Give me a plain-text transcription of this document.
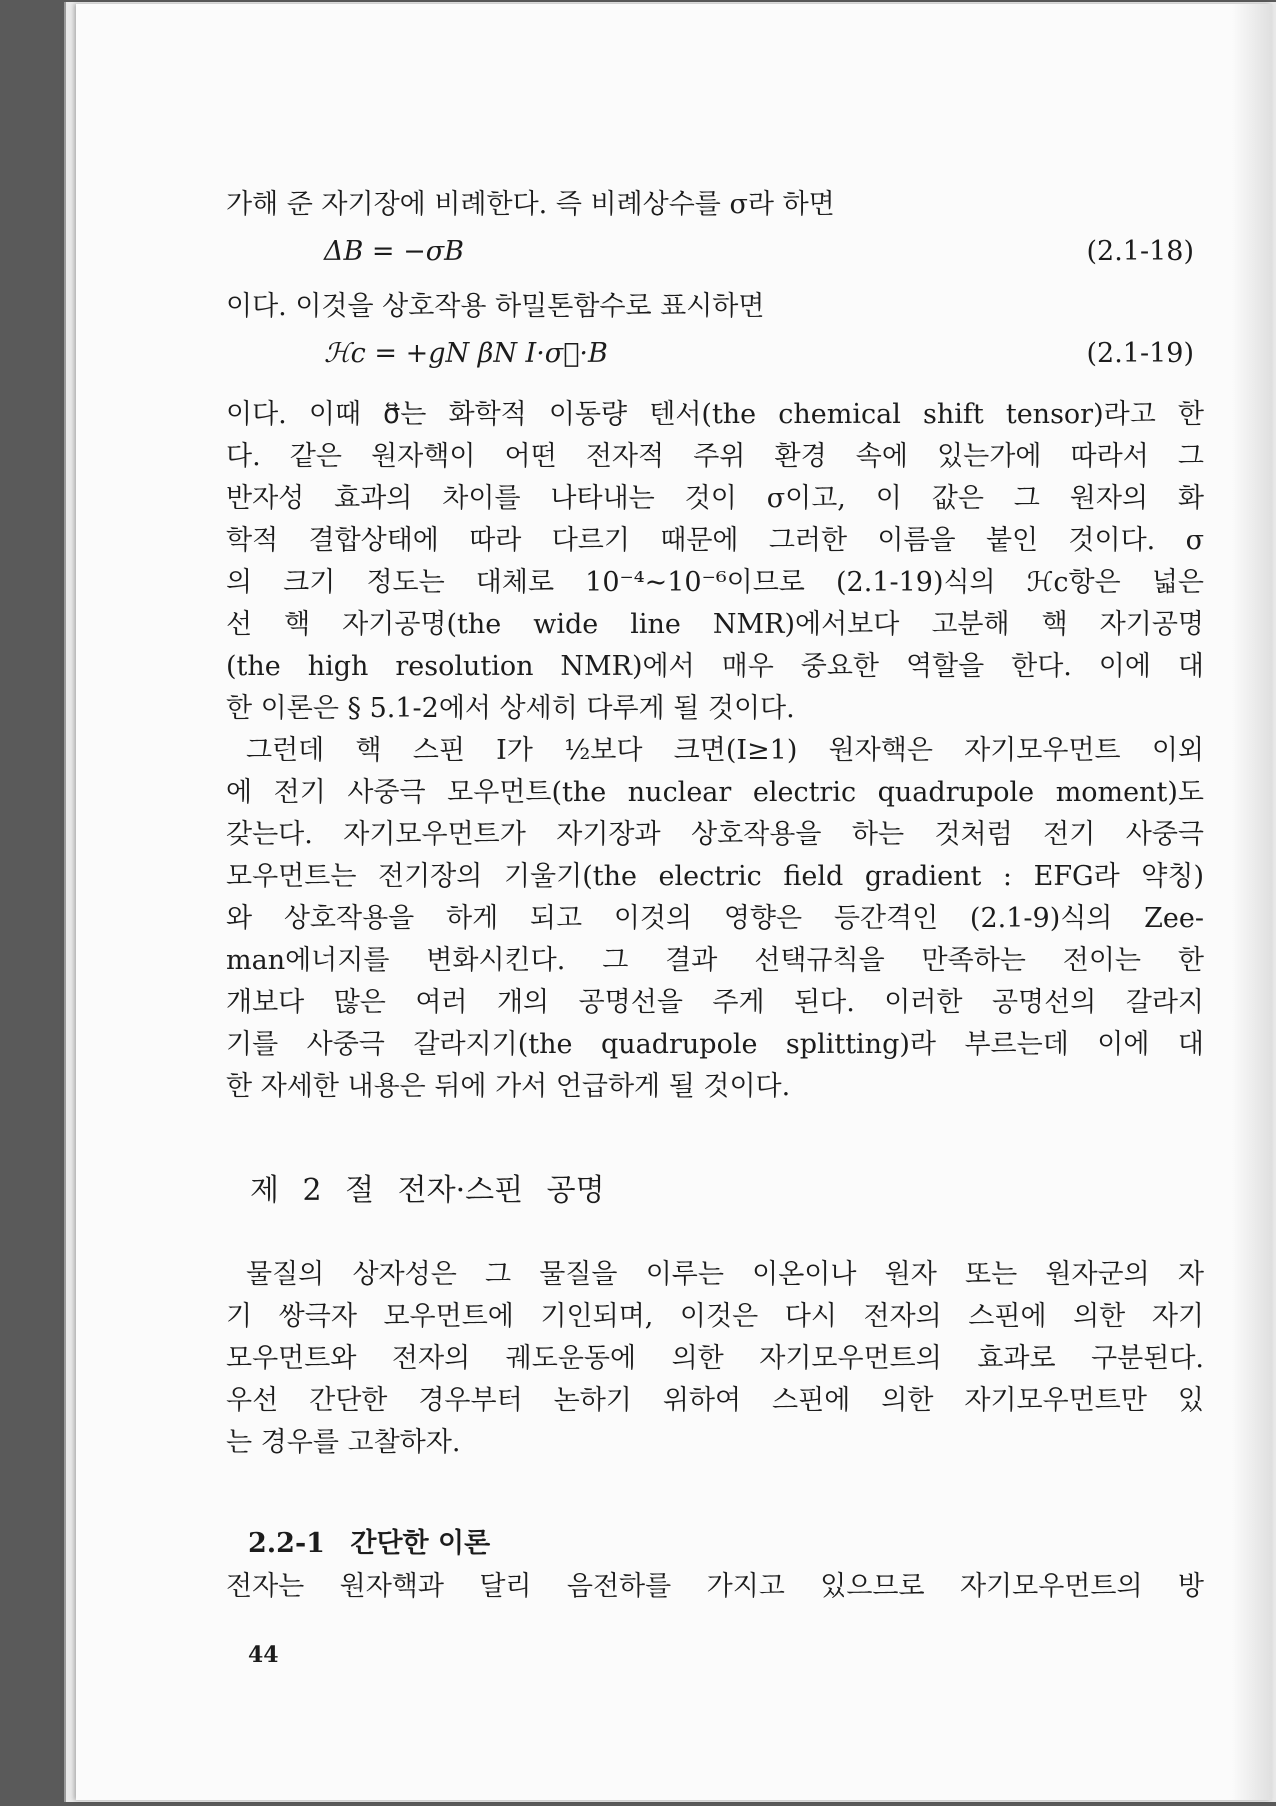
가해 준 자기장에 비례한다. 즉 비례상수를 σ라 하면

ΔB = −σB	(2.1-18)

이다. 이것을 상호작용 하밀톤함수로 표시하면

ℋc = +gN βN I·σ⃡·B	(2.1-19)

이다. 이때 σ⃡는 화학적 이동량 텐서(the chemical shift tensor)라고 한

다. 같은 원자핵이 어떤 전자적 주위 환경 속에 있는가에 따라서 그

반자성 효과의 차이를 나타내는 것이 σ이고, 이 값은 그 원자의 화

학적 결합상태에 따라 다르기 때문에 그러한 이름을 붙인 것이다. σ

의 크기 정도는 대체로 10⁻⁴~10⁻⁶이므로 (2.1-19)식의 ℋc항은 넓은

선 핵 자기공명(the wide line NMR)에서보다 고분해 핵 자기공명

(the high resolution NMR)에서 매우 중요한 역할을 한다. 이에 대

한 이론은 § 5.1-2에서 상세히 다루게 될 것이다.

그런데 핵 스핀 I가 ½보다 크면(I≥1) 원자핵은 자기모우먼트 이외

에 전기 사중극 모우먼트(the nuclear electric quadrupole moment)도

갖는다. 자기모우먼트가 자기장과 상호작용을 하는 것처럼 전기 사중극

모우먼트는 전기장의 기울기(the electric field gradient : EFG라 약칭)

와 상호작용을 하게 되고 이것의 영향은 등간격인 (2.1-9)식의 Zee-

man에너지를 변화시킨다. 그 결과 선택규칙을 만족하는 전이는 한

개보다 많은 여러 개의 공명선을 주게 된다. 이러한 공명선의 갈라지

기를 사중극 갈라지기(the quadrupole splitting)라 부르는데 이에 대

한 자세한 내용은 뒤에 가서 언급하게 될 것이다.

제 2 절 전자·스핀 공명

물질의 상자성은 그 물질을 이루는 이온이나 원자 또는 원자군의 자

기 쌍극자 모우먼트에 기인되며, 이것은 다시 전자의 스핀에 의한 자기

모우먼트와 전자의 궤도운동에 의한 자기모우먼트의 효과로 구분된다.

우선 간단한 경우부터 논하기 위하여 스핀에 의한 자기모우먼트만 있

는 경우를 고찰하자.

2.2-1 간단한 이론

전자는 원자핵과 달리 음전하를 가지고 있으므로 자기모우먼트의 방

44
